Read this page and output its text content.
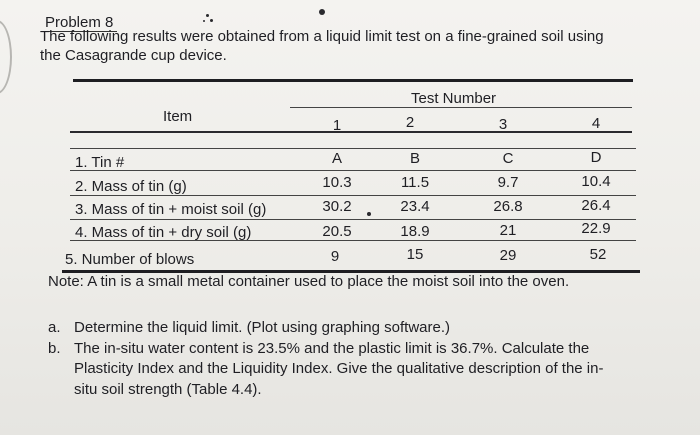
Problem 8
The following results were obtained from a liquid limit test on a fine-grained soil using
the Casagrande cup device.
Item
Test Number
1	2	3	4
1. Tin #	A	B	C	D
2. Mass of tin (g)	10.3	11.5	9.7	10.4
3. Mass of tin + moist soil (g)	30.2	23.4	26.8	26.4
4. Mass of tin + dry soil (g)	20.5	18.9	21	22.9
5. Number of blows	9	15	29	52
Note: A tin is a small metal container used to place the moist soil into the oven.
a. Determine the liquid limit. (Plot using graphing software.)
b. The in-situ water content is 23.5% and the plastic limit is 36.7%. Calculate the
Plasticity Index and the Liquidity Index. Give the qualitative description of the in-
situ soil strength (Table 4.4).
